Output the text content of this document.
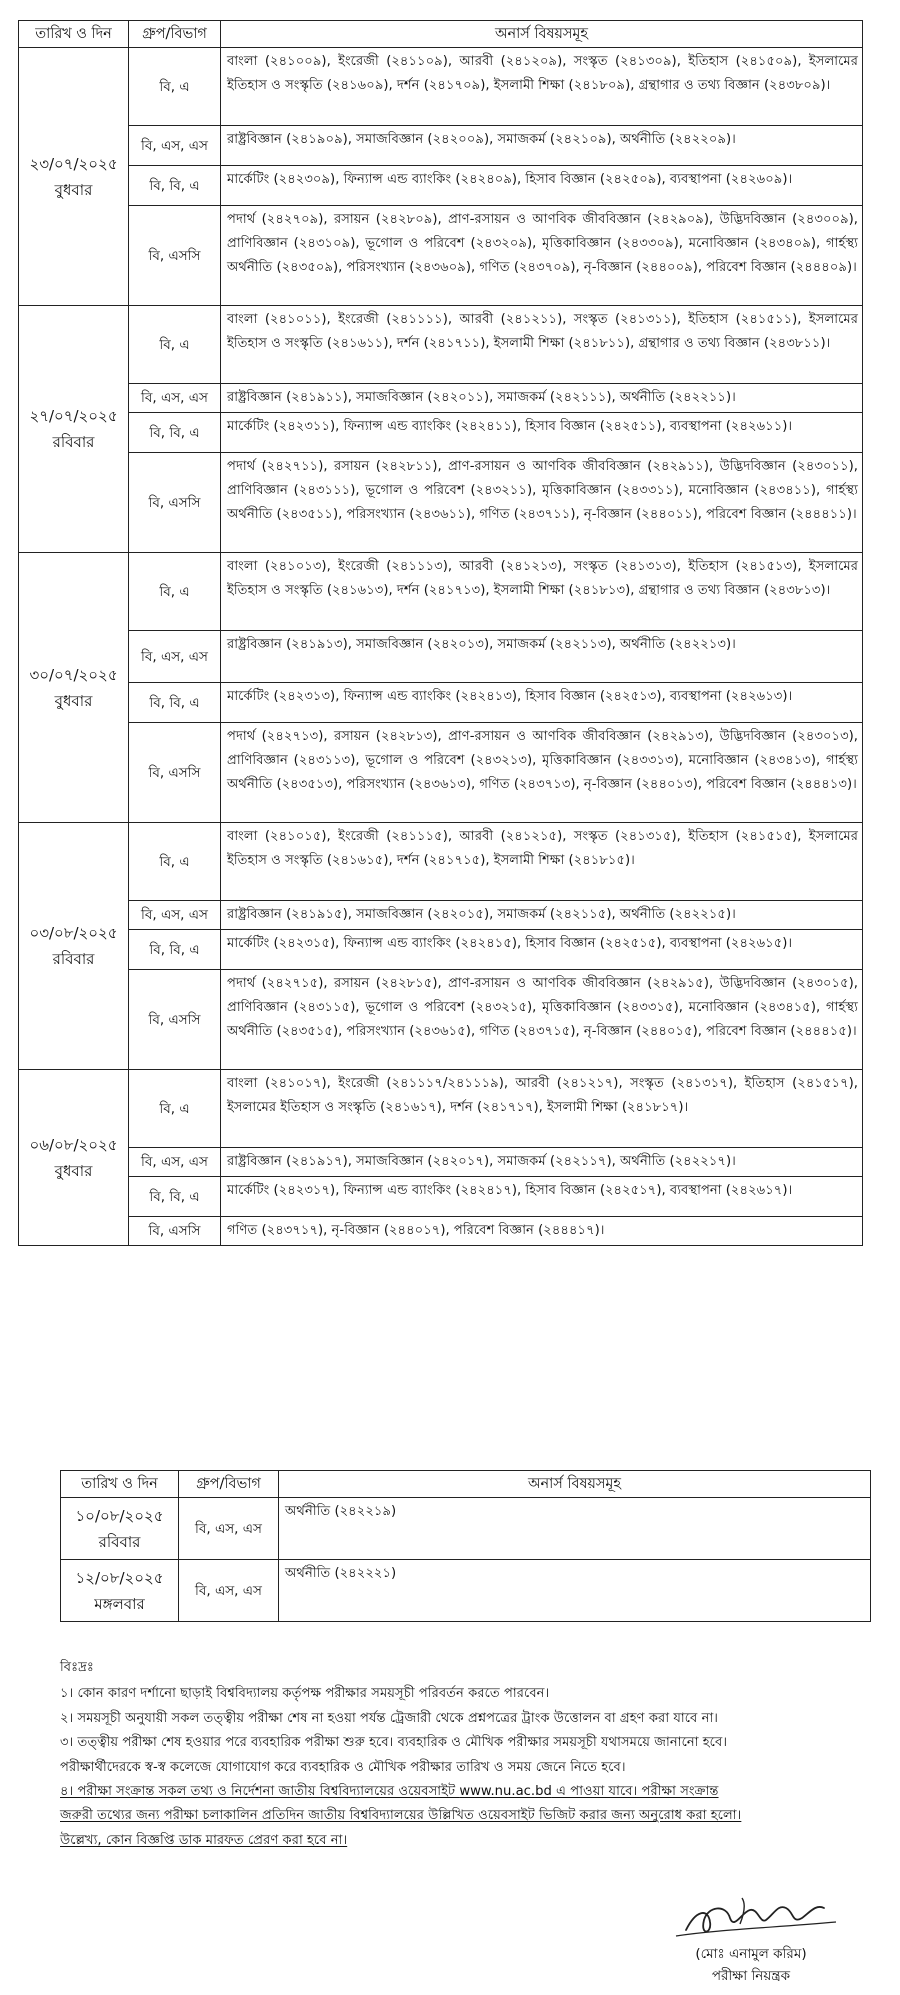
তারিখ ও দিন	গ্রুপ/বিভাগ	অনার্স বিষয়সমূহ

২৩/০৭/২০২৫
বুধবার	বি, এ	বাংলা (২৪১০০৯), ইংরেজী (২৪১১০৯), আরবী (২৪১২০৯), সংস্কৃত (২৪১৩০৯), ইতিহাস (২৪১৫০৯), ইসলামের ইতিহাস ও সংস্কৃতি (২৪১৬০৯), দর্শন (২৪১৭০৯), ইসলামী শিক্ষা (২৪১৮০৯), গ্রন্থাগার ও তথ্য বিজ্ঞান (২৪৩৮০৯)।
	বি, এস, এস	রাষ্ট্রবিজ্ঞান (২৪১৯০৯), সমাজবিজ্ঞান (২৪২০০৯), সমাজকর্ম (২৪২১০৯), অর্থনীতি (২৪২২০৯)।
	বি, বি, এ	মার্কেটিং (২৪২৩০৯), ফিন্যান্স এন্ড ব্যাংকিং (২৪২৪০৯), হিসাব বিজ্ঞান (২৪২৫০৯), ব্যবস্থাপনা (২৪২৬০৯)।
	বি, এসসি	পদার্থ (২৪২৭০৯), রসায়ন (২৪২৮০৯), প্রাণ-রসায়ন ও আণবিক জীববিজ্ঞান (২৪২৯০৯), উদ্ভিদবিজ্ঞান (২৪৩০০৯), প্রাণিবিজ্ঞান (২৪৩১০৯), ভূগোল ও পরিবেশ (২৪৩২০৯), মৃত্তিকাবিজ্ঞান (২৪৩৩০৯), মনোবিজ্ঞান (২৪৩৪০৯), গার্হস্থ্য অর্থনীতি (২৪৩৫০৯), পরিসংখ্যান (২৪৩৬০৯), গণিত (২৪৩৭০৯), নৃ-বিজ্ঞান (২৪৪০০৯), পরিবেশ বিজ্ঞান (২৪৪৪০৯)।

২৭/০৭/২০২৫
রবিবার	বি, এ	বাংলা (২৪১০১১), ইংরেজী (২৪১১১১), আরবী (২৪১২১১), সংস্কৃত (২৪১৩১১), ইতিহাস (২৪১৫১১), ইসলামের ইতিহাস ও সংস্কৃতি (২৪১৬১১), দর্শন (২৪১৭১১), ইসলামী শিক্ষা (২৪১৮১১), গ্রন্থাগার ও তথ্য বিজ্ঞান (২৪৩৮১১)।
	বি, এস, এস	রাষ্ট্রবিজ্ঞান (২৪১৯১১), সমাজবিজ্ঞান (২৪২০১১), সমাজকর্ম (২৪২১১১), অর্থনীতি (২৪২২১১)।
	বি, বি, এ	মার্কেটিং (২৪২৩১১), ফিন্যান্স এন্ড ব্যাংকিং (২৪২৪১১), হিসাব বিজ্ঞান (২৪২৫১১), ব্যবস্থাপনা (২৪২৬১১)।
	বি, এসসি	পদার্থ (২৪২৭১১), রসায়ন (২৪২৮১১), প্রাণ-রসায়ন ও আণবিক জীববিজ্ঞান (২৪২৯১১), উদ্ভিদবিজ্ঞান (২৪৩০১১), প্রাণিবিজ্ঞান (২৪৩১১১), ভূগোল ও পরিবেশ (২৪৩২১১), মৃত্তিকাবিজ্ঞান (২৪৩৩১১), মনোবিজ্ঞান (২৪৩৪১১), গার্হস্থ্য অর্থনীতি (২৪৩৫১১), পরিসংখ্যান (২৪৩৬১১), গণিত (২৪৩৭১১), নৃ-বিজ্ঞান (২৪৪০১১), পরিবেশ বিজ্ঞান (২৪৪৪১১)।

৩০/০৭/২০২৫
বুধবার	বি, এ	বাংলা (২৪১০১৩), ইংরেজী (২৪১১১৩), আরবী (২৪১২১৩), সংস্কৃত (২৪১৩১৩), ইতিহাস (২৪১৫১৩), ইসলামের ইতিহাস ও সংস্কৃতি (২৪১৬১৩), দর্শন (২৪১৭১৩), ইসলামী শিক্ষা (২৪১৮১৩), গ্রন্থাগার ও তথ্য বিজ্ঞান (২৪৩৮১৩)।
	বি, এস, এস	রাষ্ট্রবিজ্ঞান (২৪১৯১৩), সমাজবিজ্ঞান (২৪২০১৩), সমাজকর্ম (২৪২১১৩), অর্থনীতি (২৪২২১৩)।
	বি, বি, এ	মার্কেটিং (২৪২৩১৩), ফিন্যান্স এন্ড ব্যাংকিং (২৪২৪১৩), হিসাব বিজ্ঞান (২৪২৫১৩), ব্যবস্থাপনা (২৪২৬১৩)।
	বি, এসসি	পদার্থ (২৪২৭১৩), রসায়ন (২৪২৮১৩), প্রাণ-রসায়ন ও আণবিক জীববিজ্ঞান (২৪২৯১৩), উদ্ভিদবিজ্ঞান (২৪৩০১৩), প্রাণিবিজ্ঞান (২৪৩১১৩), ভূগোল ও পরিবেশ (২৪৩২১৩), মৃত্তিকাবিজ্ঞান (২৪৩৩১৩), মনোবিজ্ঞান (২৪৩৪১৩), গার্হস্থ্য অর্থনীতি (২৪৩৫১৩), পরিসংখ্যান (২৪৩৬১৩), গণিত (২৪৩৭১৩), নৃ-বিজ্ঞান (২৪৪০১৩), পরিবেশ বিজ্ঞান (২৪৪৪১৩)।

০৩/০৮/২০২৫
রবিবার	বি, এ	বাংলা (২৪১০১৫), ইংরেজী (২৪১১১৫), আরবী (২৪১২১৫), সংস্কৃত (২৪১৩১৫), ইতিহাস (২৪১৫১৫), ইসলামের ইতিহাস ও সংস্কৃতি (২৪১৬১৫), দর্শন (২৪১৭১৫), ইসলামী শিক্ষা (২৪১৮১৫)।
	বি, এস, এস	রাষ্ট্রবিজ্ঞান (২৪১৯১৫), সমাজবিজ্ঞান (২৪২০১৫), সমাজকর্ম (২৪২১১৫), অর্থনীতি (২৪২২১৫)।
	বি, বি, এ	মার্কেটিং (২৪২৩১৫), ফিন্যান্স এন্ড ব্যাংকিং (২৪২৪১৫), হিসাব বিজ্ঞান (২৪২৫১৫), ব্যবস্থাপনা (২৪২৬১৫)।
	বি, এসসি	পদার্থ (২৪২৭১৫), রসায়ন (২৪২৮১৫), প্রাণ-রসায়ন ও আণবিক জীববিজ্ঞান (২৪২৯১৫), উদ্ভিদবিজ্ঞান (২৪৩০১৫), প্রাণিবিজ্ঞান (২৪৩১১৫), ভূগোল ও পরিবেশ (২৪৩২১৫), মৃত্তিকাবিজ্ঞান (২৪৩৩১৫), মনোবিজ্ঞান (২৪৩৪১৫), গার্হস্থ্য অর্থনীতি (২৪৩৫১৫), পরিসংখ্যান (২৪৩৬১৫), গণিত (২৪৩৭১৫), নৃ-বিজ্ঞান (২৪৪০১৫), পরিবেশ বিজ্ঞান (২৪৪৪১৫)।

০৬/০৮/২০২৫
বুধবার	বি, এ	বাংলা (২৪১০১৭), ইংরেজী (২৪১১১৭/২৪১১১৯), আরবী (২৪১২১৭), সংস্কৃত (২৪১৩১৭), ইতিহাস (২৪১৫১৭), ইসলামের ইতিহাস ও সংস্কৃতি (২৪১৬১৭), দর্শন (২৪১৭১৭), ইসলামী শিক্ষা (২৪১৮১৭)।
	বি, এস, এস	রাষ্ট্রবিজ্ঞান (২৪১৯১৭), সমাজবিজ্ঞান (২৪২০১৭), সমাজকর্ম (২৪২১১৭), অর্থনীতি (২৪২২১৭)।
	বি, বি, এ	মার্কেটিং (২৪২৩১৭), ফিন্যান্স এন্ড ব্যাংকিং (২৪২৪১৭), হিসাব বিজ্ঞান (২৪২৫১৭), ব্যবস্থাপনা (২৪২৬১৭)।
	বি, এসসি	গণিত (২৪৩৭১৭), নৃ-বিজ্ঞান (২৪৪০১৭), পরিবেশ বিজ্ঞান (২৪৪৪১৭)।
তারিখ ও দিন	গ্রুপ/বিভাগ	অনার্স বিষয়সমূহ

১০/০৮/২০২৫
রবিবার	বি, এস, এস	অর্থনীতি (২৪২২১৯)

১২/০৮/২০২৫
মঙ্গলবার	বি, এস, এস	অর্থনীতি (২৪২২২১)
বিঃদ্রঃ
১। কোন কারণ দর্শানো ছাড়াই বিশ্ববিদ্যালয় কর্তৃপক্ষ পরীক্ষার সময়সূচী পরিবর্তন করতে পারবেন।
২। সময়সূচী অনুযায়ী সকল তত্ত্বীয় পরীক্ষা শেষ না হওয়া পর্যন্ত ট্রেজারী থেকে প্রশ্নপত্রের ট্রাংক উত্তোলন বা গ্রহণ করা যাবে না।
৩। তত্ত্বীয় পরীক্ষা শেষ হওয়ার পরে ব্যবহারিক পরীক্ষা শুরু হবে। ব্যবহারিক ও মৌখিক পরীক্ষার সময়সূচী যথাসময়ে জানানো হবে।
পরীক্ষার্থীদেরকে স্ব-স্ব কলেজে যোগাযোগ করে ব্যবহারিক ও মৌখিক পরীক্ষার তারিখ ও সময় জেনে নিতে হবে।
৪। পরীক্ষা সংক্রান্ত সকল তথ্য ও নির্দেশনা জাতীয় বিশ্ববিদ্যালয়ের ওয়েবসাইট www.nu.ac.bd এ পাওয়া যাবে। পরীক্ষা সংক্রান্ত
জরুরী তথ্যের জন্য পরীক্ষা চলাকালিন প্রতিদিন জাতীয় বিশ্ববিদ্যালয়ের উল্লিখিত ওয়েবসাইট ভিজিট করার জন্য অনুরোধ করা হলো।
উল্লেখ্য, কোন বিজ্ঞপ্তি ডাক মারফত প্রেরণ করা হবে না।
(মোঃ এনামুল করিম)
পরীক্ষা নিয়ন্ত্রক
